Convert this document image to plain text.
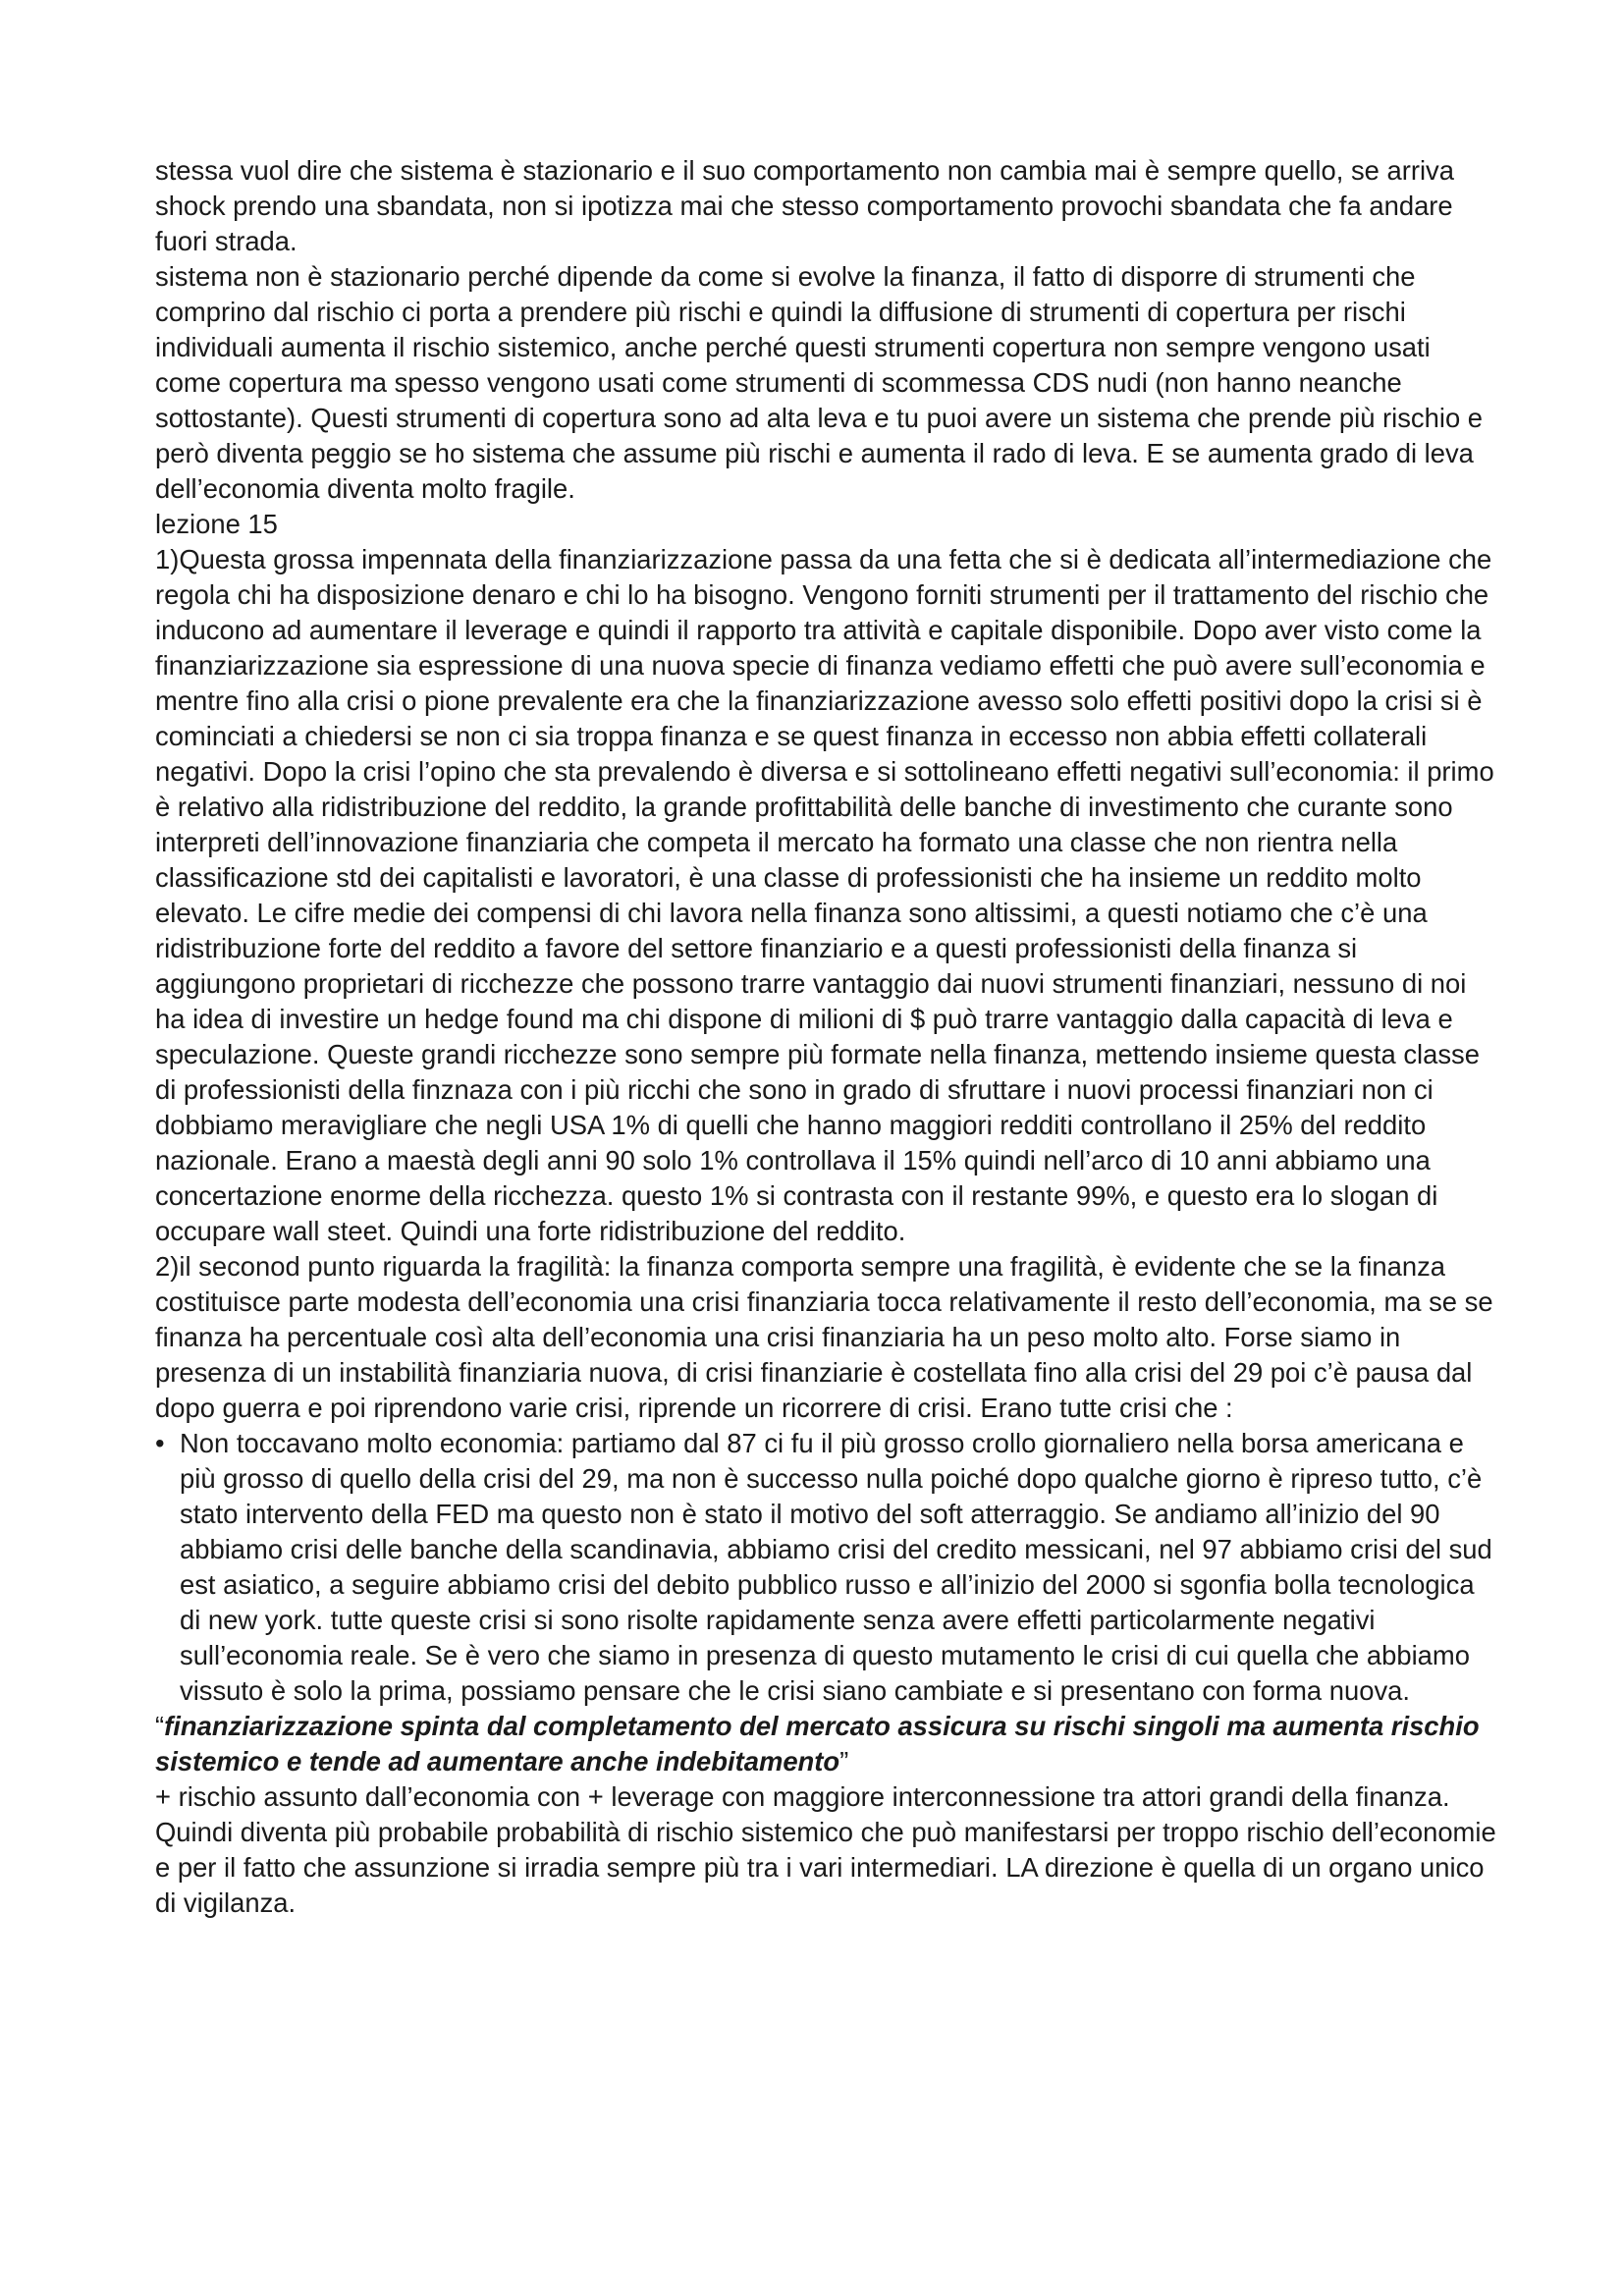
stessa vuol dire che sistema è stazionario e il suo comportamento non cambia mai è sempre quello, se arriva shock prendo una sbandata, non si ipotizza mai che stesso comportamento provochi sbandata che fa andare fuori strada.

sistema non è stazionario perché dipende da come si evolve la finanza, il fatto di disporre di strumenti che comprino dal rischio ci porta a prendere più rischi e quindi la diffusione di strumenti di copertura per rischi individuali aumenta il rischio sistemico, anche perché questi strumenti copertura non sempre vengono usati come copertura ma spesso vengono usati come strumenti di scommessa CDS nudi (non hanno neanche sottostante). Questi strumenti di copertura sono ad alta leva e tu puoi avere un sistema che prende più rischio e però diventa peggio se ho sistema che assume più rischi e aumenta il rado di leva. E se aumenta grado di leva dell’economia diventa molto fragile.

lezione 15

1)Questa grossa impennata della finanziarizzazione passa da una fetta che si è dedicata all’intermediazione che regola chi ha disposizione denaro e chi lo ha bisogno. Vengono forniti strumenti per il trattamento del rischio che inducono ad aumentare il leverage e quindi il rapporto tra attività e capitale disponibile. Dopo aver visto come la finanziarizzazione sia espressione di una nuova specie di finanza vediamo effetti che può avere sull’economia e mentre fino alla crisi o pione prevalente era che la finanziarizzazione avesso solo effetti positivi dopo la crisi si è cominciati a chiedersi se non ci sia troppa finanza e se quest finanza in eccesso non abbia effetti collaterali negativi. Dopo la crisi l’opino che sta prevalendo è diversa e si sottolineano effetti negativi sull’economia: il primo è relativo alla ridistribuzione del reddito, la grande profittabilità delle banche di investimento che curante sono interpreti dell’innovazione finanziaria che competa il mercato ha formato una classe che non rientra nella classificazione std dei capitalisti e lavoratori, è una classe di professionisti che ha insieme un reddito molto elevato. Le cifre medie dei compensi di chi lavora nella finanza sono altissimi, a questi notiamo che c’è una ridistribuzione forte del reddito a favore del settore finanziario e a questi professionisti della finanza si aggiungono proprietari di ricchezze che possono trarre vantaggio dai nuovi strumenti finanziari, nessuno di noi ha idea di investire un hedge found ma chi dispone di milioni di $ può trarre vantaggio dalla capacità di leva e speculazione. Queste grandi ricchezze sono sempre più formate nella finanza, mettendo insieme questa classe di professionisti della finznaza con i più ricchi che sono in grado di sfruttare i nuovi processi finanziari non ci dobbiamo meravigliare che negli USA 1% di quelli che hanno maggiori redditi controllano il 25% del reddito nazionale. Erano a maestà degli anni 90 solo 1% controllava il 15% quindi nell’arco di 10 anni abbiamo una concertazione enorme della ricchezza. questo 1% si contrasta con il restante 99%, e questo era lo slogan di occupare wall steet. Quindi una forte ridistribuzione del reddito.

2)il seconod punto riguarda la fragilità: la finanza comporta sempre una fragilità, è evidente che se la finanza costituisce parte modesta dell’economia una crisi finanziaria tocca relativamente il resto dell’economia, ma se se finanza ha percentuale così alta dell’economia una crisi finanziaria ha un peso molto alto. Forse siamo in presenza di un instabilità finanziaria nuova, di crisi finanziarie è costellata fino alla crisi del 29 poi c’è pausa dal dopo guerra e poi riprendono varie crisi, riprende un ricorrere di crisi. Erano tutte crisi che :

• Non toccavano molto economia: partiamo dal 87 ci fu il più grosso crollo giornaliero nella borsa americana e più grosso di quello della crisi del 29, ma non è successo nulla poiché dopo qualche giorno è ripreso tutto, c’è stato intervento della FED ma questo non è stato il motivo del soft atterraggio. Se andiamo all’inizio del 90 abbiamo crisi delle banche della scandinavia, abbiamo crisi del credito messicani, nel 97 abbiamo crisi del sud est asiatico, a seguire abbiamo crisi del debito pubblico russo e all’inizio del 2000 si sgonfia bolla tecnologica di new york. tutte queste crisi si sono risolte rapidamente senza avere effetti particolarmente negativi sull’economia reale. Se è vero che siamo in presenza di questo mutamento le crisi di cui quella che abbiamo vissuto è solo la prima, possiamo pensare che le crisi siano cambiate e si presentano con forma nuova.

“finanziarizzazione spinta dal completamento del mercato assicura su rischi singoli ma aumenta rischio sistemico e tende ad aumentare anche indebitamento”

+ rischio assunto dall’economia con + leverage con maggiore interconnessione tra attori grandi della finanza. Quindi diventa più probabile probabilità di rischio sistemico che può manifestarsi per troppo rischio dell’economie e per il fatto che assunzione si irradia sempre più tra i vari intermediari. LA direzione è quella di un organo unico di vigilanza.
